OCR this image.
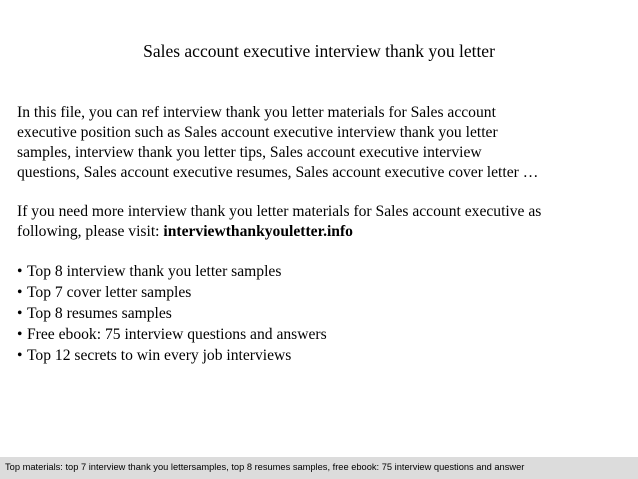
Sales account executive interview thank you letter

In this file, you can ref interview thank you letter materials for Sales account
executive position such as Sales account executive interview thank you letter
samples, interview thank you letter tips, Sales account executive interview
questions, Sales account executive resumes, Sales account executive cover letter …

If you need more interview thank you letter materials for Sales account executive as
following, please visit: interviewthankyouletter.info

• Top 8 interview thank you letter samples
• Top 7 cover letter samples
• Top 8 resumes samples
• Free ebook: 75 interview questions and answers
• Top 12 secrets to win every job interviews
Top materials: top 7 interview thank you lettersamples, top 8 resumes samples, free ebook: 75 interview questions and answer
